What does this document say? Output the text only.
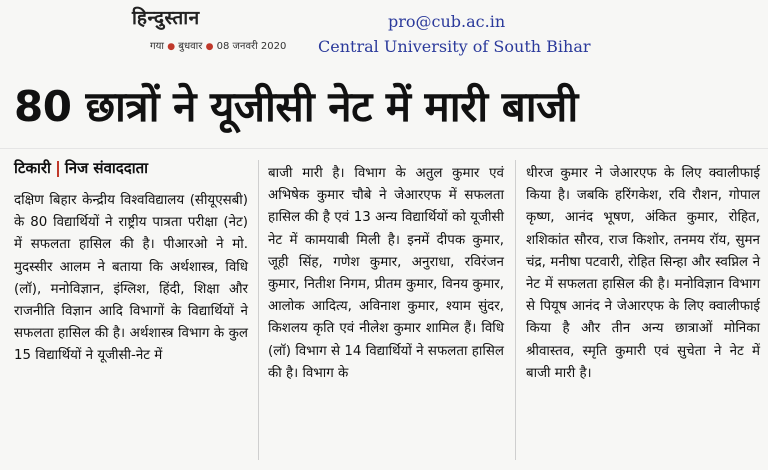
हिन्दुस्तान
गया ● बुधवार ● 08 जनवरी 2020
pro@cub.ac.in
Central University of South Bihar
80 छात्रों ने यूजीसी नेट में मारी बाजी
टिकारी निज संवाददाता

दक्षिण बिहार केन्द्रीय विश्वविद्यालय (सीयूएसबी) के 80 विद्यार्थियों ने राष्ट्रीय पात्रता परीक्षा (नेट) में सफलता हासिल की है। पीआरओ ने मो. मुदस्सीर आलम ने बताया कि अर्थशास्त्र, विधि (लॉ), मनोविज्ञान, इंग्लिश, हिंदी, शिक्षा और राजनीति विज्ञान आदि विभागों के विद्यार्थियों ने सफलता हासिल की है। अर्थशास्त्र विभाग के कुल 15 विद्यार्थियों ने यूजीसी-नेट में

बाजी मारी है। विभाग के अतुल कुमार एवं अभिषेक कुमार चौबे ने जेआरएफ में सफलता हासिल की है एवं 13 अन्य विद्यार्थियों को यूजीसी नेट में कामयाबी मिली है। इनमें दीपक कुमार, जूही सिंह, गणेश कुमार, अनुराधा, रविरंजन कुमार, नितीश निगम, प्रीतम कुमार, विनय कुमार, आलोक आदित्य, अविनाश कुमार, श्याम सुंदर, किशलय कृति एवं नीलेश कुमार शामिल हैं। विधि (लॉ) विभाग से 14 विद्यार्थियों ने सफलता हासिल की है। विभाग के

धीरज कुमार ने जेआरएफ के लिए क्वालीफाई किया है। जबकि हरिंगकेश, रवि रौशन, गोपाल कृष्ण, आनंद भूषण, अंकित कुमार, रोहित, शशिकांत सौरव, राज किशोर, तनमय रॉय, सुमन चंद्र, मनीषा पटवारी, रोहित सिन्हा और स्वप्निल ने नेट में सफलता हासिल की है। मनोविज्ञान विभाग से पियूष आनंद ने जेआरएफ के लिए क्वालीफाई किया है और तीन अन्य छात्राओं मोनिका श्रीवास्तव, स्मृति कुमारी एवं सुचेता ने नेट में बाजी मारी है।
